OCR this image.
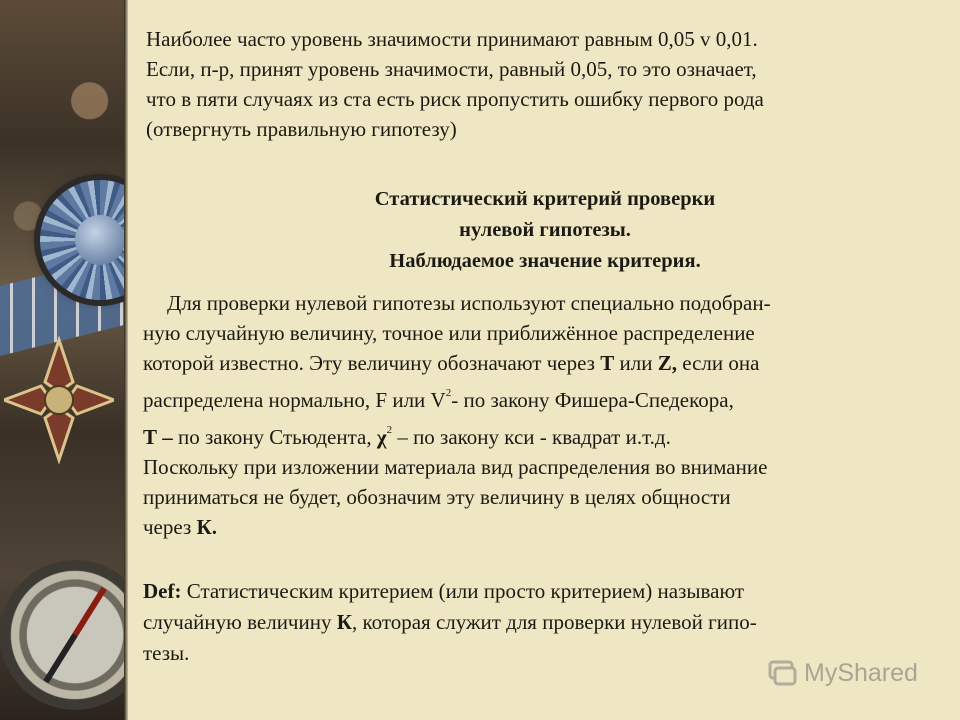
Наиболее часто уровень значимости принимают равным 0,05 v 0,01.
Если, п-р, принят уровень значимости, равный 0,05, то это означает,
что в пяти случаях из ста есть риск пропустить ошибку первого рода
(отвергнуть правильную гипотезу)

Статистический критерий проверки
нулевой гипотезы.
Наблюдаемое значение критерия.
Для проверки нулевой гипотезы используют специально подобран-
ную случайную величину, точное или приближённое распределение
которой известно. Эту величину обозначают через Т или Z, если она
распределена нормально, F или $V^2-$ по закону Фишера-Спедекора,
Т – по закону Стьюдента, $\chi^2$ – по закону кси - квадрат и.т.д.
Поскольку при изложении материала вид распределения во внимание
приниматься не будет, обозначим эту величину в целях общности
через К.
Def: Статистическим критерием (или просто критерием) называют
случайную величину К, которая служит для проверки нулевой гипо-
тезы.
MyShared
